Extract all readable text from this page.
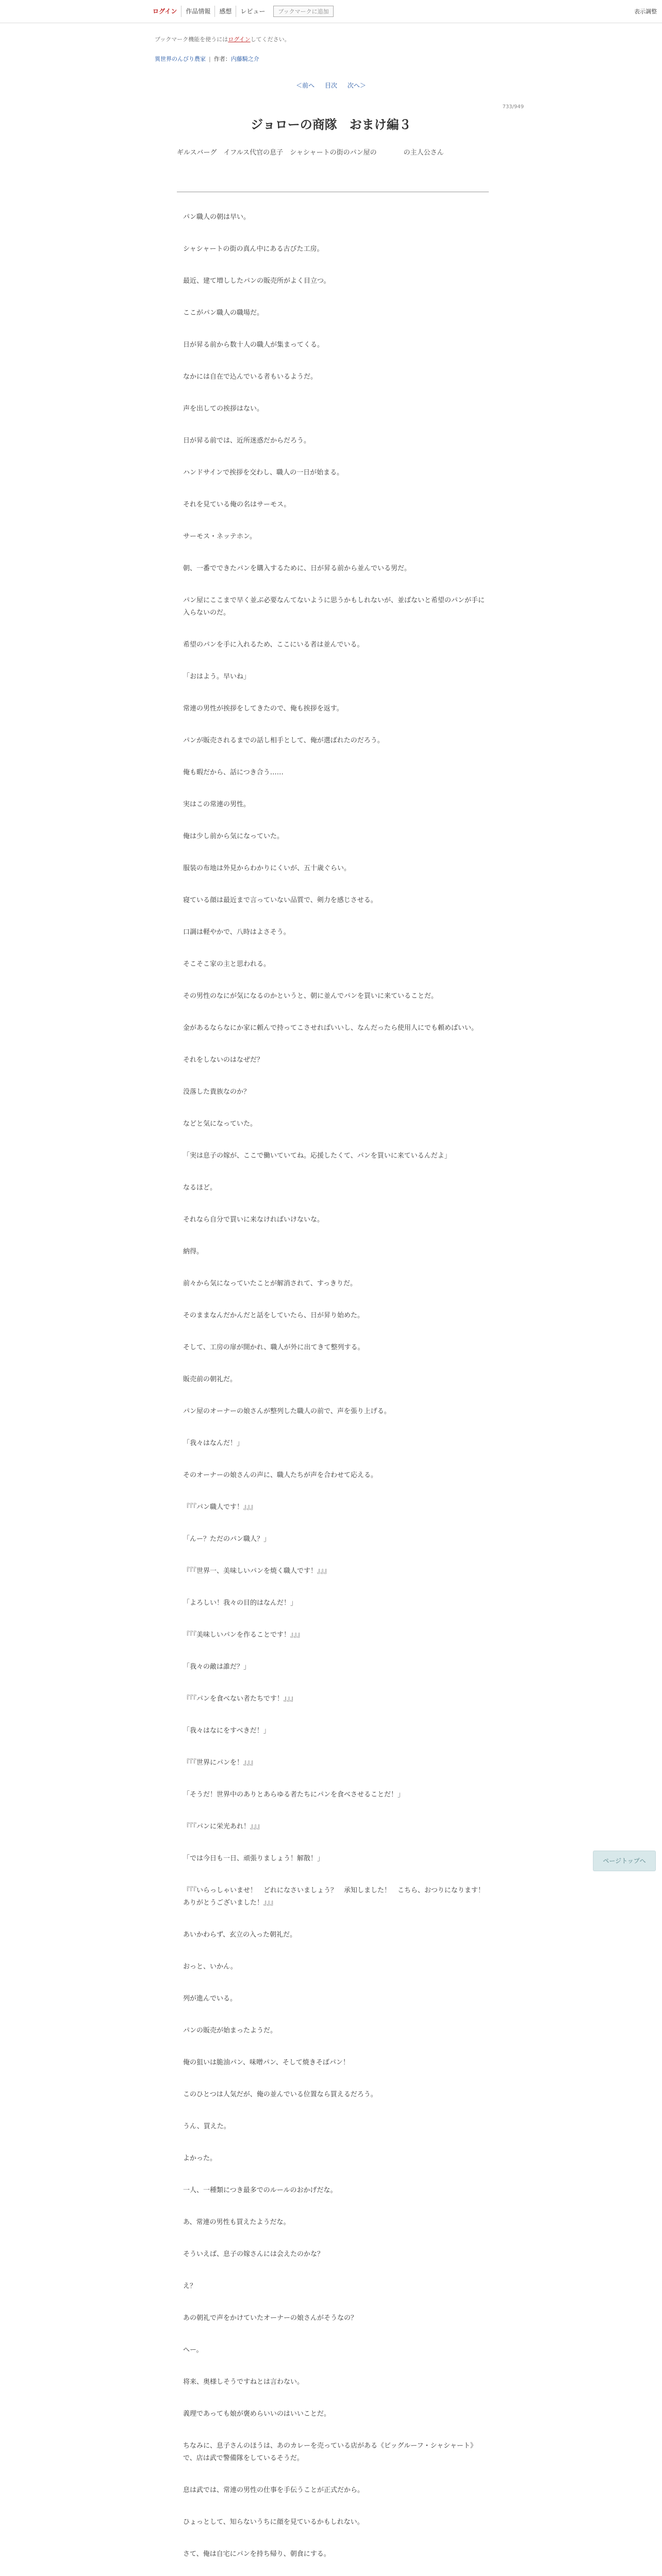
ログイン	作品情報	感想	レビュー	ブックマークに追加	表示調整
ブックマーク機能を使うにはログインしてください。
異世界のんびり農家 | 作者：内藤騎之介
＜前へ 目次 次へ＞
733/949
ジョローの商隊　おまけ編３
ギルスバーグ　イフルス代官の息子　シャシャートの街のパン屋の　　　　の主人公さん

パン職人の朝は早い。

シャシャートの街の真ん中にある古びた工房。

最近、建て増ししたパンの販売所がよく目立つ。

ここがパン職人の職場だ。

日が昇る前から数十人の職人が集まってくる。

なかには自在で込んでいる者もいるようだ。

声を出しての挨拶はない。

日が昇る前では、近所迷惑だからだろう。

ハンドサインで挨拶を交わし、職人の一日が始まる。

それを見ている俺の名はサーモス。

サーモス・ネッテホン。

朝、一番でできたパンを購入するために、日が昇る前から並んでいる男だ。

パン屋にここまで早く並ぶ必要なんてないように思うかもしれないが、並ばないと希望のパンが手に入らないのだ。

希望のパンを手に入れるため、ここにいる者は並んでいる。

「おはよう。早いね」

常連の男性が挨拶をしてきたので、俺も挨拶を返す。

パンが販売されるまでの話し相手として、俺が選ばれたのだろう。

俺も暇だから、話につき合う……

実はこの常連の男性。

俺は少し前から気になっていた。

服装の布地は外見からわかりにくいが、五十歳ぐらい。

寝ている顔は最近まで言っていない品質で、剣力を感じさせる。

口調は軽やかで、八時はよさそう。

そこそこ家の主と思われる。

その男性のなにが気になるのかというと、朝に並んでパンを買いに来ていることだ。

金があるならなにか家に頼んで持ってこさせればいいし、なんだったら使用人にでも頼めばいい。

それをしないのはなぜだ？

没落した貴族なのか？

などと気になっていた。

「実は息子の嫁が、ここで働いていてね。応援したくて、パンを買いに来ているんだよ」

なるほど。

それなら自分で買いに来なければいけないな。

納得。

前々から気になっていたことが解消されて、すっきりだ。

そのままなんだかんだと話をしていたら、日が昇り始めた。

そして、工房の扉が開かれ、職人が外に出てきて整列する。

販売前の朝礼だ。

パン屋のオーナーの娘さんが整列した職人の前で、声を張り上げる。

「我々はなんだ！」

そのオーナーの娘さんの声に、職人たちが声を合わせて応える。

『『『パン職人です！』』』

「んー？ただのパン職人？」

『『『世界一、美味しいパンを焼く職人です！』』』

「よろしい！我々の目的はなんだ！」

『『『美味しいパンを作ることです！』』』

「我々の敵は誰だ？」

『『『パンを食べない者たちです！』』』

「我々はなにをすべきだ！」

『『『世界にパンを！』』』

「そうだ！世界中のありとあらゆる者たちにパンを食べさせることだ！」

『『『パンに栄光あれ！』』』

「では今日も一日、頑張りましょう！解散！」

『『『いらっしゃいませ！　どれになさいましょう？　承知しました！　こちら、おつりになります！　ありがとうございました！』』』

あいかわらず、玄立の入った朝礼だ。

おっと、いかん。

列が進んでいる。

パンの販売が始まったようだ。

俺の狙いは脆油パン、味噌パン、そして焼きそばパン！

このひとつは人気だが、俺の並んでいる位置なら買えるだろう。

うん、買えた。

よかった。

一人、一種類につき最多でのルールのおかげだな。

あ、常連の男性も買えたようだな。

そういえば、息子の嫁さんには会えたのかな？

え？

あの朝礼で声をかけていたオーナーの娘さんがそうなの？

へー。

将来、奥様しそうですねとは言わない。

義理であっても娘が褒めらいいのはいいことだ。

ちなみに、息子さんのほうは、あのカレーを売っている店がある《ビッグルーフ・シャシャート》で、店は武で警備隊をしているそうだ。

息は武では、常連の男性の仕事を手伝うことが正式だから。

ひょっとして、知らないうちに顔を見ているかもしれない。

さて、俺は自宅にパンを持ち帰り、朝食にする。

ページトップへ
